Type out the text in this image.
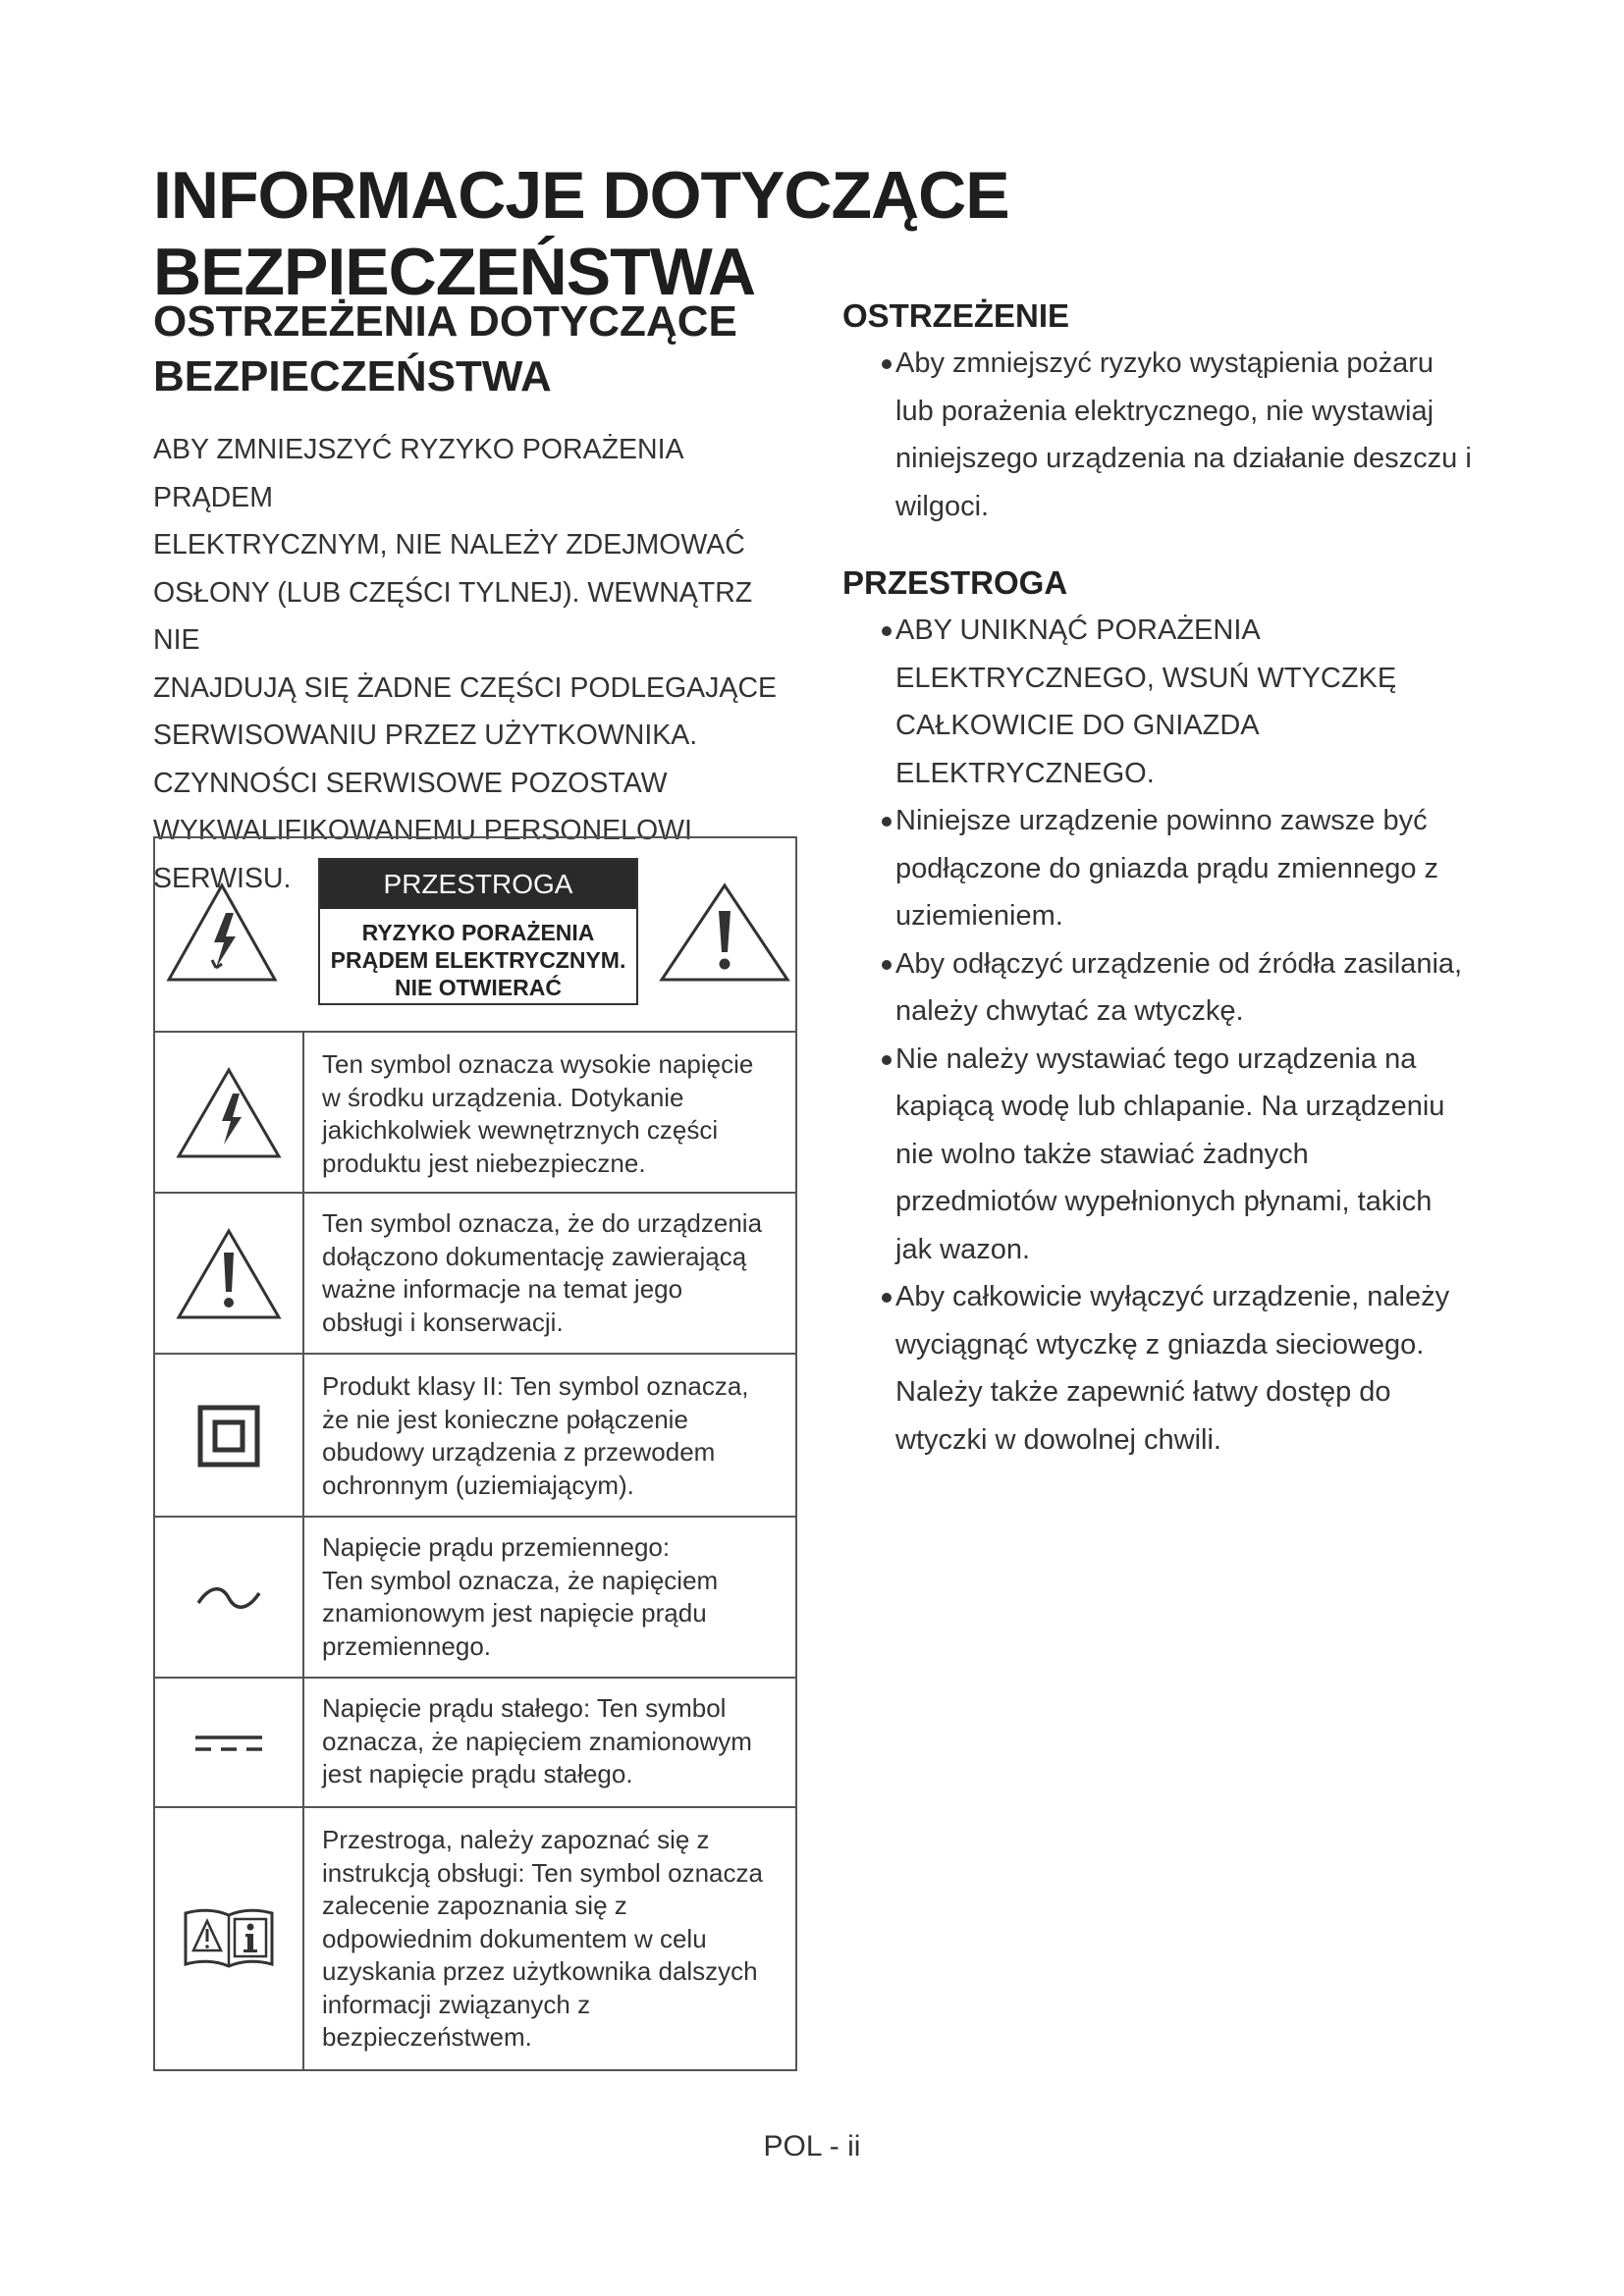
INFORMACJE DOTYCZĄCE BEZPIECZEŃSTWA
OSTRZEŻENIA DOTYCZĄCE
BEZPIECZEŃSTWA
ABY ZMNIEJSZYĆ RYZYKO PORAŻENIA PRĄDEM
ELEKTRYCZNYM, NIE NALEŻY ZDEJMOWAĆ
OSŁONY (LUB CZĘŚCI TYLNEJ). WEWNĄTRZ NIE
ZNAJDUJĄ SIĘ ŻADNE CZĘŚCI PODLEGAJĄCE
SERWISOWANIU PRZEZ UŻYTKOWNIKA.
CZYNNOŚCI SERWISOWE POZOSTAW
WYKWALIFIKOWANEMU PERSONELOWI
SERWISU.	PRZESTROGA
RYZYKO PORAŻENIA
PRĄDEM ELEKTRYCZNYM.
NIE OTWIERAĆ
Ten symbol oznacza wysokie napięcie
w środku urządzenia. Dotykanie
jakichkolwiek wewnętrznych części
produktu jest niebezpieczne.
Ten symbol oznacza, że do urządzenia
dołączono dokumentację zawierającą
ważne informacje na temat jego
obsługi i konserwacji.
Produkt klasy II: Ten symbol oznacza,
że nie jest konieczne połączenie
obudowy urządzenia z przewodem
ochronnym (uziemiającym).
Napięcie prądu przemiennego:
Ten symbol oznacza, że napięciem
znamionowym jest napięcie prądu
przemiennego.
Napięcie prądu stałego: Ten symbol
oznacza, że napięciem znamionowym
jest napięcie prądu stałego.
Przestroga, należy zapoznać się z
instrukcją obsługi: Ten symbol oznacza
zalecenie zapoznania się z
odpowiednim dokumentem w celu
uzyskania przez użytkownika dalszych
informacji związanych z
bezpieczeństwem.
OSTRZEŻENIE
Aby zmniejszyć ryzyko wystąpienia pożaru
lub porażenia elektrycznego, nie wystawiaj
niniejszego urządzenia na działanie deszczu i
wilgoci.
PRZESTROGA
ABY UNIKNĄĆ PORAŻENIA
ELEKTRYCZNEGO, WSUŃ WTYCZKĘ
CAŁKOWICIE DO GNIAZDA ELEKTRYCZNEGO.
Niniejsze urządzenie powinno zawsze być
podłączone do gniazda prądu zmiennego z
uziemieniem.
Aby odłączyć urządzenie od źródła zasilania,
należy chwytać za wtyczkę.
Nie należy wystawiać tego urządzenia na
kapiącą wodę lub chlapanie. Na urządzeniu
nie wolno także stawiać żadnych
przedmiotów wypełnionych płynami, takich
jak wazon.
Aby całkowicie wyłączyć urządzenie, należy
wyciągnąć wtyczkę z gniazda sieciowego.
Należy także zapewnić łatwy dostęp do
wtyczki w dowolnej chwili.
POL - ii
